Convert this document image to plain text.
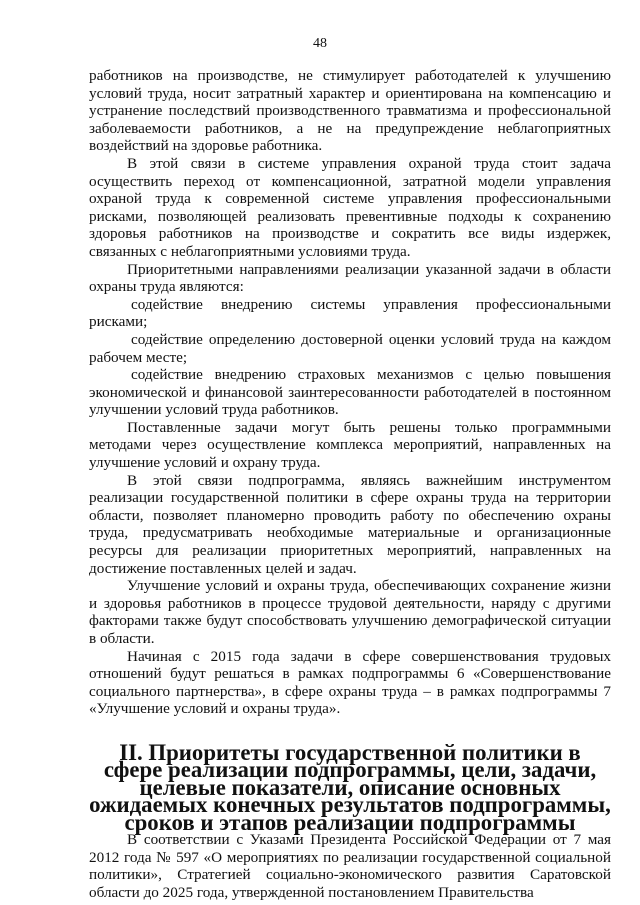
48

работников на производстве, не стимулирует работодателей к улучшению условий труда, носит затратный характер и ориентирована на компенсацию и устранение последствий производственного травматизма и профессиональной заболеваемости работников, а не на предупреждение неблагоприятных воздействий на здоровье работника.

В этой связи в системе управления охраной труда стоит задача осуществить переход от компенсационной, затратной модели управления охраной труда к современной системе управления профессиональными рисками, позволяющей реализовать превентивные подходы к сохранению здоровья работников на производстве и сократить все виды издержек, связанных с неблагоприятными условиями труда.

Приоритетными направлениями реализации указанной задачи в области охраны труда являются:

содействие внедрению системы управления профессиональными рисками;

содействие определению достоверной оценки условий труда на каждом рабочем месте;

содействие внедрению страховых механизмов с целью повышения экономической и финансовой заинтересованности работодателей в постоянном улучшении условий труда работников.

Поставленные задачи могут быть решены только программными методами через осуществление комплекса мероприятий, направленных на улучшение условий и охрану труда.

В этой связи подпрограмма, являясь важнейшим инструментом реализации государственной политики в сфере охраны труда на территории области, позволяет планомерно проводить работу по обеспечению охраны труда, предусматривать необходимые материальные и организационные ресурсы для реализации приоритетных мероприятий, направленных на достижение поставленных целей и задач.

Улучшение условий и охраны труда, обеспечивающих сохранение жизни и здоровья работников в процессе трудовой деятельности, наряду с другими факторами также будут способствовать улучшению демографической ситуации в области.

Начиная с 2015 года задачи в сфере совершенствования трудовых отношений будут решаться в рамках подпрограммы 6 «Совершенствование социального партнерства», в сфере охраны труда – в рамках подпрограммы 7 «Улучшение условий и охраны труда».

II. Приоритеты государственной политики в сфере реализации подпрограммы, цели, задачи, целевые показатели, описание основных ожидаемых конечных результатов подпрограммы, сроков и этапов реализации подпрограммы

В соответствии с Указами Президента Российской Федерации от 7 мая 2012 года № 597 «О мероприятиях по реализации государственной социальной политики», Стратегией социально-экономического развития Саратовской области до 2025 года, утвержденной постановлением Правительства
